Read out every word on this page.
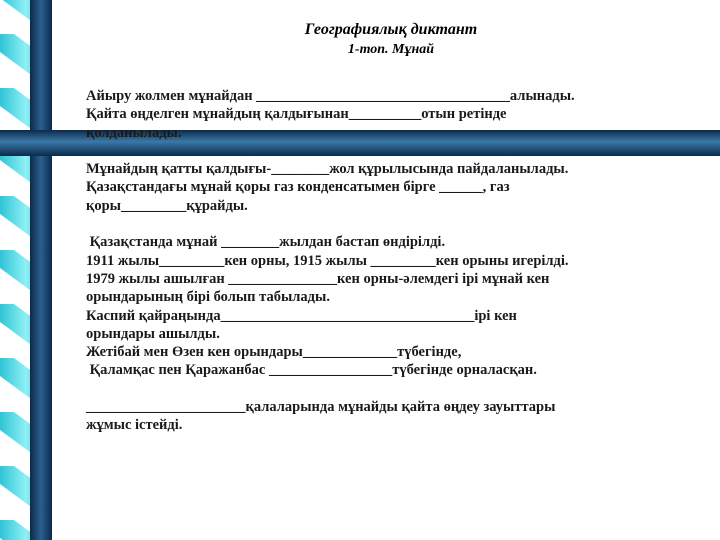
Географиялық диктант
1-топ. Мұнай
Айыру жолмен мұнайдан ___________________________________алынады.
Қайта өңделген мұнайдың қалдығынан__________отын ретінде
қолданылады.

Мұнайдың қатты қалдығы-________жол құрылысында пайдаланылады.
Қазақстандағы мұнай қоры газ конденсатымен бірге ______, газ
қоры_________құрайды.

Қазақстанда мұнай ________жылдан бастап өндірілді.
1911 жылы_________кен орны, 1915 жылы _________кен орыны игерілді.
1979 жылы ашылған _______________кен орны-әлемдегі ірі мұнай кен
орындарының бірі болып табылады.
Каспий қайраңында___________________________________ірі кен
орындары ашылды.
Жетібай мен Өзен кен орындары_____________түбегінде,
Қаламқас пен Қаражанбас _________________түбегінде орналасқан.

______________________қалаларында мұнайды қайта өңдеу зауыттары
жұмыс істейді.
